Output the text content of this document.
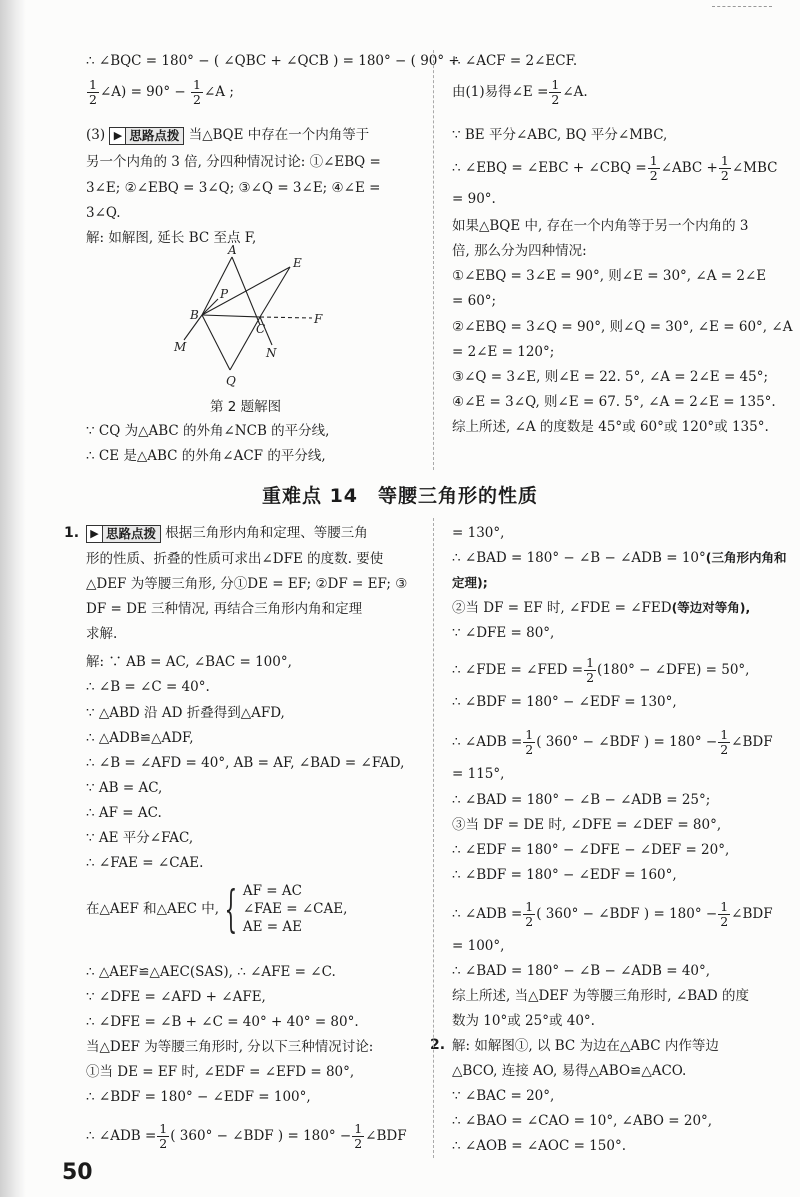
∴ ∠BQC = 180° − ( ∠QBC + ∠QCB ) = 180° − ( 90° +
$\frac{1}{2}$ ∠A) = $90^\circ - \frac{1}{2}$ ∠A ;
(3) ▶ 思路点拨 当△BQE 中存在一个内角等于
另一个内角的 3 倍, 分四种情况讨论: ①∠EBQ =
3∠E; ②∠EBQ = 3∠Q; ③∠Q = 3∠E; ④∠E =
3∠Q.
解: 如解图, 延长 BC 至点 F,
∵ CQ 为△ABC 的外角∠NCB 的平分线,
∴ CE 是△ABC 的外角∠ACF 的平分线,
A
E
P
B
C
F
M	N
Q
第 2 题解图
∴ ∠ACF = 2∠ECF.
由(1)易得∠E = $\frac{1}{2}$ ∠A.
∵ BE 平分∠ABC, BQ 平分∠MBC,
∴ ∠EBQ = ∠EBC + ∠CBQ = $\frac{1}{2}$ ∠ABC + $\frac{1}{2}$ ∠MBC
= 90°.
如果△BQE 中, 存在一个内角等于另一个内角的 3
倍, 那么分为四种情况:
①∠EBQ = 3∠E = 90°, 则∠E = 30°, ∠A = 2∠E
= 60°;
②∠EBQ = 3∠Q = 90°, 则∠Q = 30°, ∠E = 60°, ∠A
= 2∠E = 120°;
③∠Q = 3∠E, 则∠E = 22. 5°, ∠A = 2∠E = 45°;
④∠E = 3∠Q, 则∠E = 67. 5°, ∠A = 2∠E = 135°.
综上所述, ∠A 的度数是 45°或 60°或 120°或 135°.
重难点 14　等腰三角形的性质
1. ▶ 思路点拨 根据三角形内角和定理、等腰三角
形的性质、折叠的性质可求出∠DFE 的度数. 要使
△DEF 为等腰三角形, 分①DE = EF; ②DF = EF; ③
DF = DE 三种情况, 再结合三角形内角和定理
求解.
解: ∵ AB = AC, ∠BAC = 100°,
∴ ∠B = ∠C = 40°.
∵ △ABD 沿 AD 折叠得到△AFD,
∴ △ADB≌△ADF,
∴ ∠B = ∠AFD = 40°, AB = AF, ∠BAD = ∠FAD,
∵ AB = AC,
∴ AF = AC.
∵ AE 平分∠FAC,
∴ ∠FAE = ∠CAE.
在△AEF 和△AEC 中, { AF = AC
∠FAE = ∠CAE,
AE = AE
∴ △AEF≌△AEC(SAS), ∴ ∠AFE = ∠C.
∵ ∠DFE = ∠AFD + ∠AFE,
∴ ∠DFE = ∠B + ∠C = 40° + 40° = 80°.
当△DEF 为等腰三角形时, 分以下三种情况讨论:
①当 DE = EF 时, ∠EDF = ∠EFD = 80°,
∴ ∠BDF = 180° − ∠EDF = 100°,
∴ ∠ADB = $\frac{1}{2}$ ( 360° − ∠BDF ) = $180^\circ - \frac{1}{2}$ ∠BDF
= 130°,
∴ ∠BAD = 180° − ∠B − ∠ADB = 10°(三角形内角和
定理);
②当 DF = EF 时, ∠FDE = ∠FED(等边对等角),
∵ ∠DFE = 80°,
∴ ∠FDE = ∠FED = $\frac{1}{2} (180^\circ$ − ∠DFE) = 50°,
∴ ∠BDF = 180° − ∠EDF = 130°,
∴ ∠ADB = $\frac{1}{2}$ ( 360° − ∠BDF ) = $180^\circ - \frac{1}{2}$ ∠BDF
= 115°,
∴ ∠BAD = 180° − ∠B − ∠ADB = 25°;
③当 DF = DE 时, ∠DFE = ∠DEF = 80°,
∴ ∠EDF = 180° − ∠DFE − ∠DEF = 20°,
∴ ∠BDF = 180° − ∠EDF = 160°,
∴ ∠ADB = $\frac{1}{2}$ ( 360° − ∠BDF ) = $180^\circ - \frac{1}{2}$ ∠BDF
= 100°,
∴ ∠BAD = 180° − ∠B − ∠ADB = 40°,
综上所述, 当△DEF 为等腰三角形时, ∠BAD 的度
数为 10°或 25°或 40°.
解: 如解图①, 以 BC 为边在△ABC 内作等边
△BCO, 连接 AO, 易得△ABO≌△ACO.
∵ ∠BAC = 20°,
∴ ∠BAO = ∠CAO = 10°, ∠ABO = 20°,
∴ ∠AOB = ∠AOC = 150°.
2.
50
